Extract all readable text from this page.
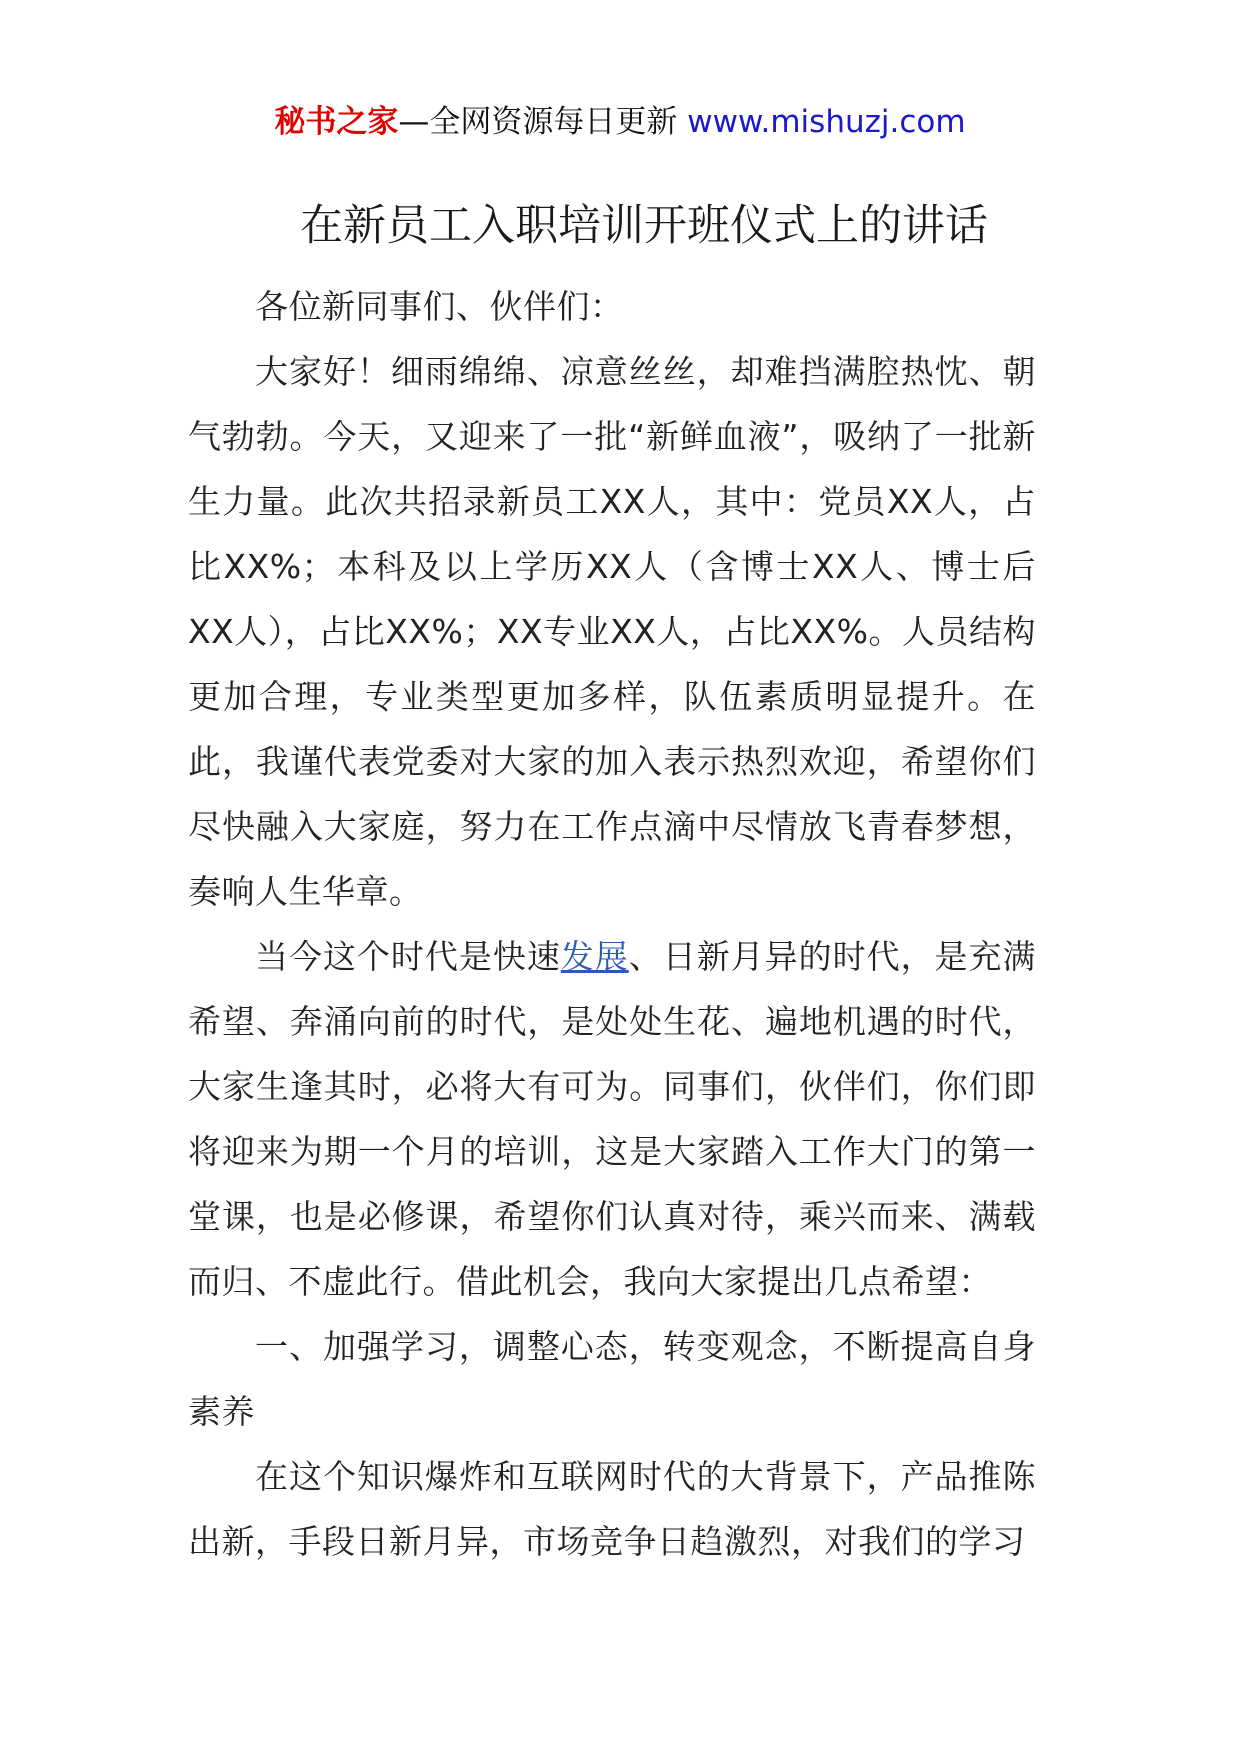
秘书之家—全网资源每日更新 www.mishuzj.com
在新员工入职培训开班仪式上的讲话

各位新同事们、伙伴们：

大家好！细雨绵绵、凉意丝丝，却难挡满腔热忱、朝气勃勃。今天，又迎来了一批“新鲜血液”，吸纳了一批新生力量。此次共招录新员工XX人，其中：党员XX人，占比XX%；本科及以上学历XX人（含博士XX人、博士后XX人），占比XX%；XX专业XX人，占比XX%。人员结构更加合理，专业类型更加多样，队伍素质明显提升。在此，我谨代表党委对大家的加入表示热烈欢迎，希望你们尽快融入大家庭，努力在工作点滴中尽情放飞青春梦想，奏响人生华章。

当今这个时代是快速发展、日新月异的时代，是充满希望、奔涌向前的时代，是处处生花、遍地机遇的时代，大家生逢其时，必将大有可为。同事们，伙伴们，你们即将迎来为期一个月的培训，这是大家踏入工作大门的第一堂课，也是必修课，希望你们认真对待，乘兴而来、满载而归、不虚此行。借此机会，我向大家提出几点希望：

一、加强学习，调整心态，转变观念，不断提高自身素养

在这个知识爆炸和互联网时代的大背景下，产品推陈出新，手段日新月异，市场竞争日趋激烈，对我们的学习
